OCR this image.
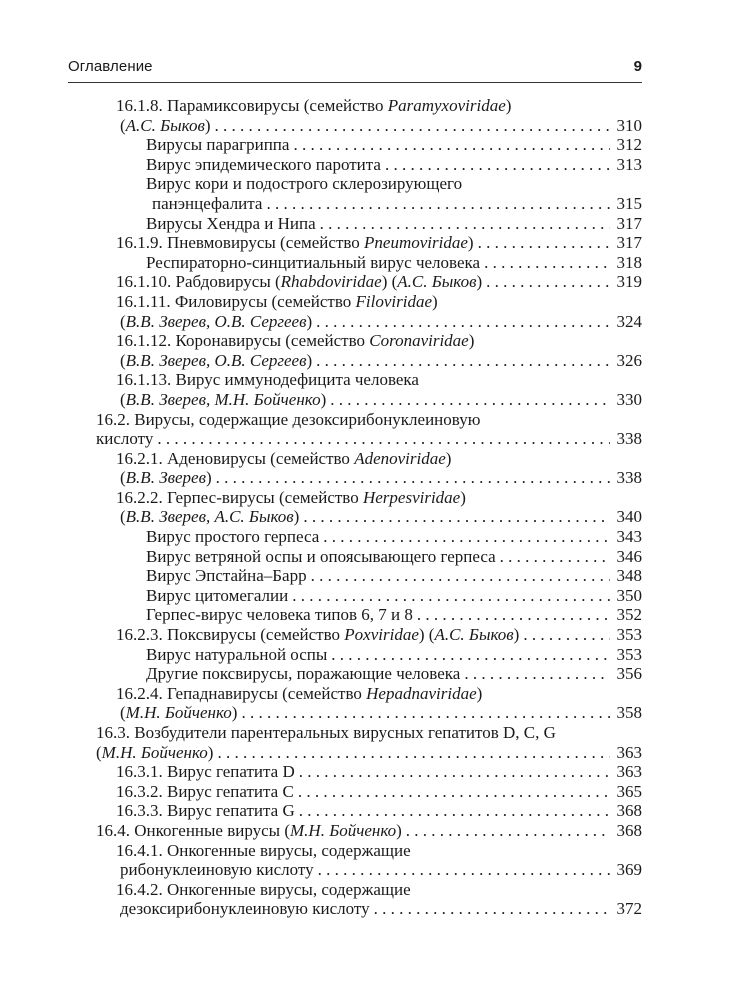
Оглавление	9
16.1.8. Парамиксовирусы (семейство Paramyxoviridae)
(А.С. Быков) . . .	310
Вирусы парагриппа . . .	312
Вирус эпидемического паротита . . .	313
Вирус кори и подострого склерозирующего
панэнцефалита . . .	315
Вирусы Хендра и Нипа . . .	317
16.1.9. Пневмовирусы (семейство Pneumoviridae) . . .	317
Респираторно-синцитиальный вирус человека . . .	318
16.1.10. Рабдовирусы (Rhabdoviridae) (А.С. Быков) . . .	319
16.1.11. Филовирусы (семейство Filoviridae)
(В.В. Зверев, О.В. Сергеев) . . .	324
16.1.12. Коронавирусы (семейство Coronaviridae)
(В.В. Зверев, О.В. Сергеев) . . .	326
16.1.13. Вирус иммунодефицита человека
(В.В. Зверев, М.Н. Бойченко) . . .	330
16.2. Вирусы, содержащие дезоксирибонуклеиновую
кислоту . . .	338
16.2.1. Аденовирусы (семейство Adenoviridae)
(В.В. Зверев) . . .	338
16.2.2. Герпес-вирусы (семейство Herpesviridae)
(В.В. Зверев, А.С. Быков) . . .	340
Вирус простого герпеса . . .	343
Вирус ветряной оспы и опоясывающего герпеса . . .	346
Вирус Эпстайна–Барр . . .	348
Вирус цитомегалии . . .	350
Герпес-вирус человека типов 6, 7 и 8 . . .	352
16.2.3. Поксвирусы (семейство Poxviridae) (А.С. Быков) . . .	353
Вирус натуральной оспы . . .	353
Другие поксвирусы, поражающие человека . . .	356
16.2.4. Гепаднавирусы (семейство Hepadnaviridae)
(М.Н. Бойченко) . . .	358
16.3. Возбудители парентеральных вирусных гепатитов D, C, G
(М.Н. Бойченко) . . .	363
16.3.1. Вирус гепатита D . . .	363
16.3.2. Вирус гепатита C . . .	365
16.3.3. Вирус гепатита G . . .	368
16.4. Онкогенные вирусы (М.Н. Бойченко) . . .	368
16.4.1. Онкогенные вирусы, содержащие
рибонуклеиновую кислоту . . .	369
16.4.2. Онкогенные вирусы, содержащие
дезоксирибонуклеиновую кислоту . . .	372
